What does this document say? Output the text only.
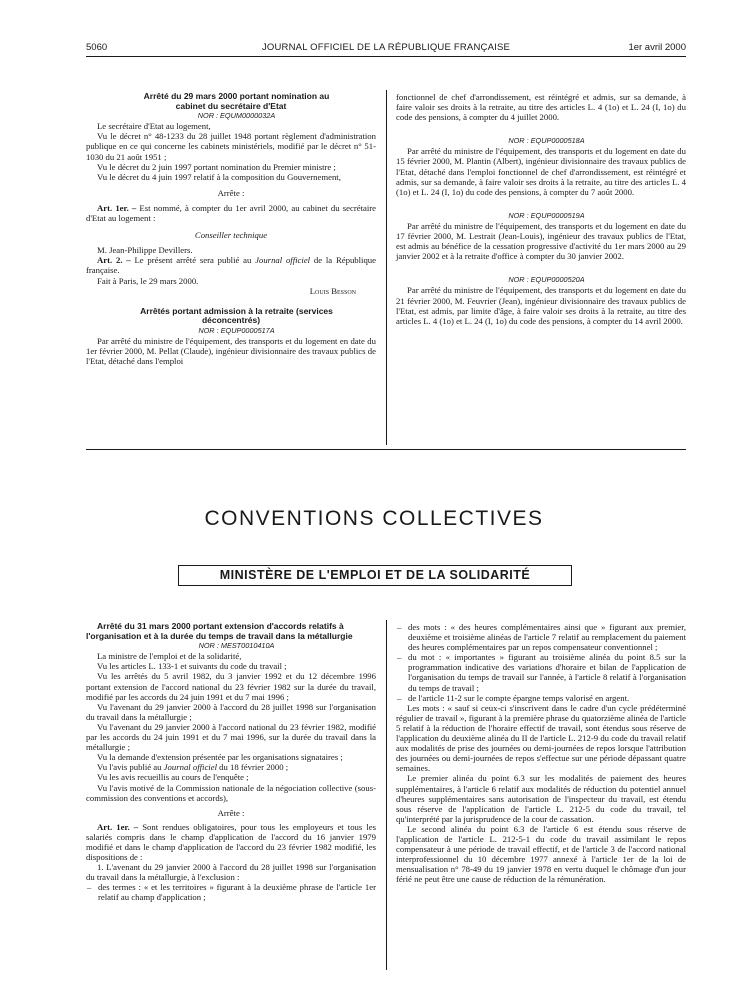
5060	JOURNAL OFFICIEL DE LA RÉPUBLIQUE FRANÇAISE	1er avril 2000

Arrêté du 29 mars 2000 portant nomination au cabinet du secrétaire d'Etat

NOR : EQUM0000032A

Le secrétaire d'Etat au logement,

Vu le décret n° 48-1233 du 28 juillet 1948 portant règlement d'administration publique en ce qui concerne les cabinets ministériels, modifié par le décret n° 51-1030 du 21 août 1951 ;

Vu le décret du 2 juin 1997 portant nomination du Premier ministre ;

Vu le décret du 4 juin 1997 relatif à la composition du Gouvernement,

Arrête :

Art. 1er. – Est nommé, à compter du 1er avril 2000, au cabinet du secrétaire d'Etat au logement :

Conseiller technique

M. Jean-Philippe Devillers.

Art. 2. – Le présent arrêté sera publié au Journal officiel de la République française.

Fait à Paris, le 29 mars 2000.

Louis Besson

Arrêtés portant admission à la retraite (services déconcentrés)

NOR : EQUP0000517A

Par arrêté du ministre de l'équipement, des transports et du logement en date du 1er février 2000, M. Pellat (Claude), ingénieur divisionnaire des travaux publics de l'Etat, détaché dans l'emploi

fonctionnel de chef d'arrondissement, est réintégré et admis, sur sa demande, à faire valoir ses droits à la retraite, au titre des articles L. 4 (1o) et L. 24 (I, 1o) du code des pensions, à compter du 4 juillet 2000.

NOR : EQUP0000518A

Par arrêté du ministre de l'équipement, des transports et du logement en date du 15 février 2000, M. Plantin (Albert), ingénieur divisionnaire des travaux publics de l'Etat, détaché dans l'emploi fonctionnel de chef d'arrondissement, est réintégré et admis, sur sa demande, à faire valoir ses droits à la retraite, au titre des articles L. 4 (1o) et L. 24 (I, 1o) du code des pensions, à compter du 7 août 2000.

NOR : EQUP0000519A

Par arrêté du ministre de l'équipement, des transports et du logement en date du 17 février 2000, M. Lestrait (Jean-Louis), ingénieur des travaux publics de l'Etat, est admis au bénéfice de la cessation progressive d'activité du 1er mars 2000 au 29 janvier 2002 et à la retraite d'office à compter du 30 janvier 2002.

NOR : EQUP0000520A

Par arrêté du ministre de l'équipement, des transports et du logement en date du 21 février 2000, M. Feuvrier (Jean), ingénieur divisionnaire des travaux publics de l'Etat, est admis, par limite d'âge, à faire valoir ses droits à la retraite, au titre des articles L. 4 (1o) et L. 24 (I, 1o) du code des pensions, à compter du 14 avril 2000.

CONVENTIONS COLLECTIVES
MINISTÈRE DE L'EMPLOI ET DE LA SOLIDARITÉ

Arrêté du 31 mars 2000 portant extension d'accords relatifs à l'organisation et à la durée du temps de travail dans la métallurgie

NOR : MEST0010410A

La ministre de l'emploi et de la solidarité,

Vu les articles L. 133-1 et suivants du code du travail ;

Vu les arrêtés du 5 avril 1982, du 3 janvier 1992 et du 12 décembre 1996 portant extension de l'accord national du 23 février 1982 sur la durée du travail, modifié par les accords du 24 juin 1991 et du 7 mai 1996 ;

Vu l'avenant du 29 janvier 2000 à l'accord du 28 juillet 1998 sur l'organisation du travail dans la métallurgie ;

Vu l'avenant du 29 janvier 2000 à l'accord national du 23 février 1982, modifié par les accords du 24 juin 1991 et du 7 mai 1996, sur la durée du travail dans la métallurgie ;

Vu la demande d'extension présentée par les organisations signataires ;

Vu l'avis publié au Journal officiel du 18 février 2000 ;

Vu les avis recueillis au cours de l'enquête ;

Vu l'avis motivé de la Commission nationale de la négociation collective (sous-commission des conventions et accords),

Arrête :

Art. 1er. – Sont rendues obligatoires, pour tous les employeurs et tous les salariés compris dans le champ d'application de l'accord du 16 janvier 1979 modifié et dans le champ d'application de l'accord du 23 février 1982 modifié, les dispositions de :

1. L'avenant du 29 janvier 2000 à l'accord du 28 juillet 1998 sur l'organisation du travail dans la métallurgie, à l'exclusion :

– des termes : « et les territoires » figurant à la deuxième phrase de l'article 1er relatif au champ d'application ;

– des mots : « des heures complémentaires ainsi que » figurant aux premier, deuxième et troisième alinéas de l'article 7 relatif au remplacement du paiement des heures complémentaires par un repos compensateur conventionnel ;

– du mot : « importantes » figurant au troisième alinéa du point 8.5 sur la programmation indicative des variations d'horaire et bilan de l'application de l'organisation du temps de travail sur l'année, à l'article 8 relatif à l'organisation du temps de travail ;

– de l'article 11-2 sur le compte épargne temps valorisé en argent.

Les mots : « sauf si ceux-ci s'inscrivent dans le cadre d'un cycle prédéterminé régulier de travail », figurant à la première phrase du quatorzième alinéa de l'article 5 relatif à la réduction de l'horaire effectif de travail, sont étendus sous réserve de l'application du deuxième alinéa du II de l'article L. 212-9 du code du travail relatif aux modalités de prise des journées ou demi-journées de repos lorsque l'attribution des journées ou demi-journées de repos s'effectue sur une période dépassant quatre semaines.

Le premier alinéa du point 6.3 sur les modalités de paiement des heures supplémentaires, à l'article 6 relatif aux modalités de réduction du potentiel annuel d'heures supplémentaires sans autorisation de l'inspecteur du travail, est étendu sous réserve de l'application de l'article L. 212-5 du code du travail, tel qu'interprété par la jurisprudence de la cour de cassation.

Le second alinéa du point 6.3 de l'article 6 est étendu sous réserve de l'application de l'article L. 212-5-1 du code du travail assimilant le repos compensateur à une période de travail effectif, et de l'article 3 de l'accord national interprofessionnel du 10 décembre 1977 annexé à l'article 1er de la loi de mensualisation n° 78-49 du 19 janvier 1978 en vertu duquel le chômage d'un jour férié ne peut être une cause de réduction de la rémunération.
